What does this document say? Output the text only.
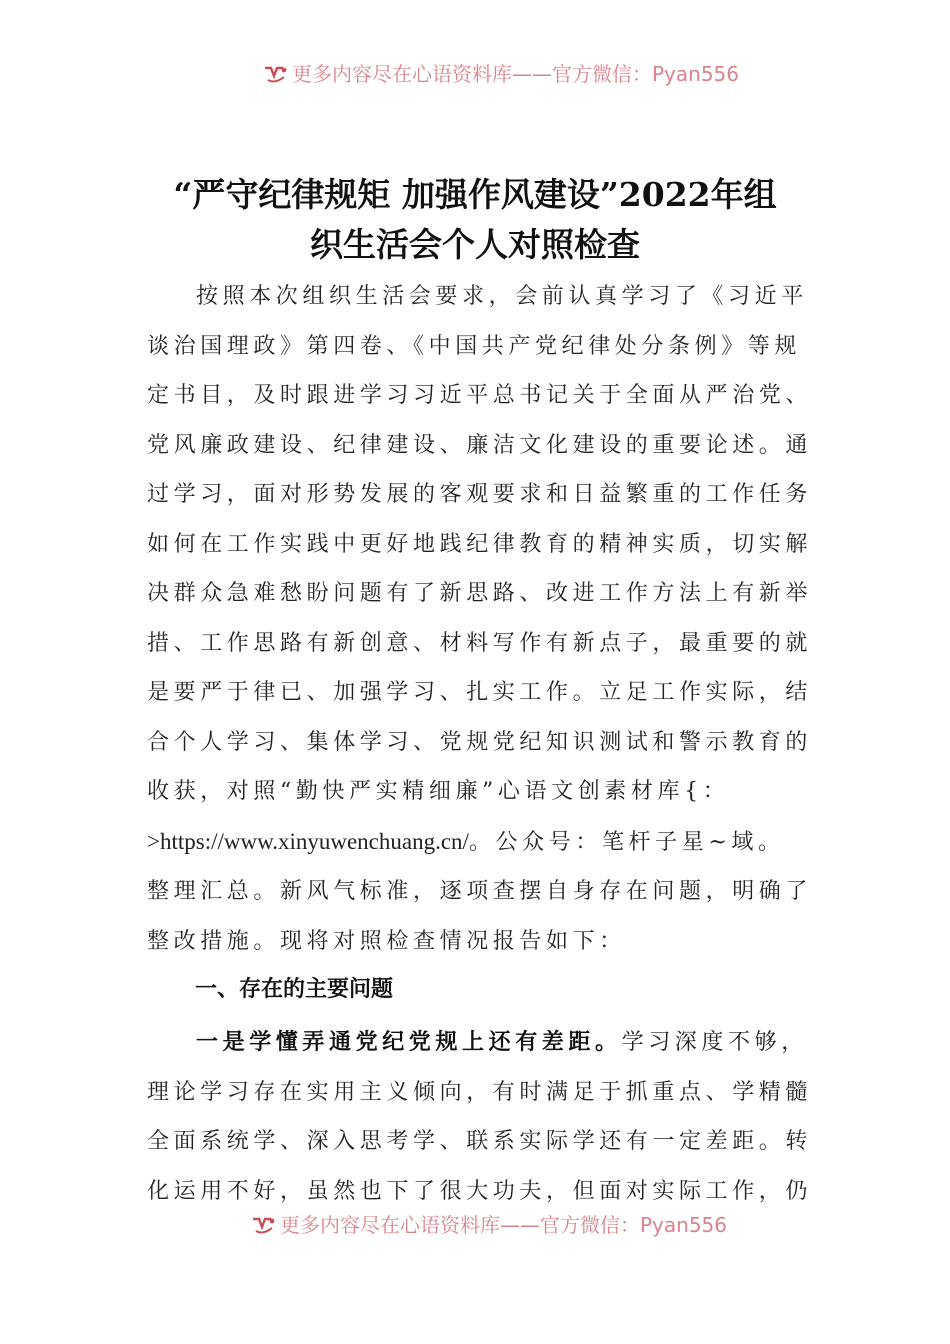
更多内容尽在心语资料库——官方微信：Pyan556
“严守纪律规矩 加强作风建设”2022年组
织生活会个人对照检查
按照本次组织生活会要求，会前认真学习了《习近平
谈治国理政》第四卷、《中国共产党纪律处分条例》等规
定书目，及时跟进学习习近平总书记关于全面从严治党、
党风廉政建设、纪律建设、廉洁文化建设的重要论述。通
过学习，面对形势发展的客观要求和日益繁重的工作任务
如何在工作实践中更好地践纪律教育的精神实质，切实解
决群众急难愁盼问题有了新思路、改进工作方法上有新举
措、工作思路有新创意、材料写作有新点子，最重要的就
是要严于律已、加强学习、扎实工作。立足工作实际，结
合个人学习、集体学习、党规党纪知识测试和警示教育的
收获，对照“勤快严实精细廉”心语文创素材库{：
>https://www.xinyuwenchuang.cn/。公众号：笔杆子星~域。
整理汇总。新风气标准，逐项查摆自身存在问题，明确了
整改措施。现将对照检查情况报告如下：
一、存在的主要问题
一是学懂弄通党纪党规上还有差距。学习深度不够，
理论学习存在实用主义倾向，有时满足于抓重点、学精髓
全面系统学、深入思考学、联系实际学还有一定差距。转
化运用不好，虽然也下了很大功夫，但面对实际工作，仍
更多内容尽在心语资料库——官方微信：Pyan556
